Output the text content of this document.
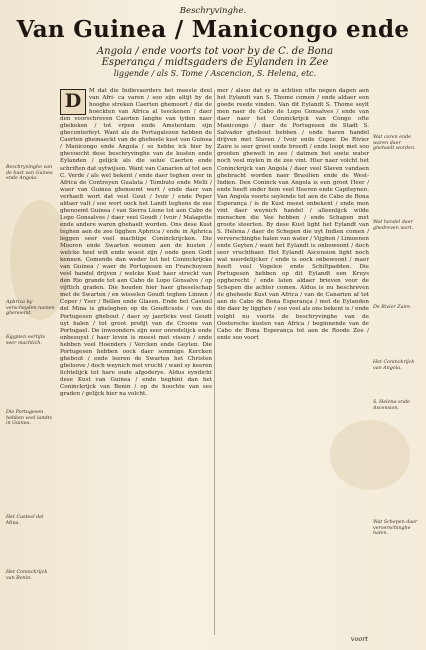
Beschryvinghe.
Van Guinea / Manicongo ende
Angola / ende voorts tot voor by de C. de Bona
Esperança / midtsgaders de Eylanden in Zee
liggende / als S. Tome / Ascencion, S. Helena, etc.
D	M dat die Indievaerders het meeste deel van Afri- ca varen / soo sijn altijt by de hooghe streken Caerten ghemoort / die de hoeckten van Africa al teeckenen / daer den voorschreven Caerten langhe van tyden naer ghekeken / tot vrpen ende Amsterdam sijn gheconterfeyt. Want als de Portugalezen hebben de Caerten ghemaeckt van de gheheele kust van Guinea / Manicongo ende Angola / so hebbe ick hier by ghevoecht dese beschryvinghe van de kusten ende Eylanden / gelijck als die selue Caerten ende schriften dat uytwijsen. Want van Canarien af tot aen C. Verde / als wel bekent / ende daer teghen over in Africa de Contreyen Gualata / Tombuto ende Melli / waer van Guinea ghenoemt wert / ende daer van verhaelt wort dat veel Gout / Ivoir / ende Peper aldaer valt / soo wort oock het Landt teghens de zee ghenoemt Guinea / van Sierra Lione tot aen Cabo de Lopo Gonsalves / daer veel Goudt / Ivoir / Malagette ende andere waren ghehaelt worden. Ons dese Kust teghen aen de zee ligghen Aphrica / ende in Aphrica leggen seer veel machtige Coninckrijcken. Die Mooren ende Swarten woonen aen de kusten / welcke heel wilt ende woest zijn / ende geen Godt kennen. Comende dan weder tot het Coninckrijcke van Guinea / waer de Portugesen en Franchoysen veel handel drijven / welcke Kust haer streckt van den Rio grande tot aen Cabo de Lopo Gonsalvo / op vijftich graden. Die houden hier haer gheselschap met de Swarten / en wisselen Goudt teghen Linnen / Coper / Yser / Bellen ende Glasen. Ende het Casteel del Mina is gheleghen op de Goudtcuste / van de Portugesen ghebout / daer sy jaerlicks veel Goudt uyt halen / tot groot profijt van de Croone van Portugael. De inwoonders zijn seer onredelijck ende onbesuyst / haer leven is meest met vissen / ende hebben veel Hoenders / Vercken ende Geyten. Die Portugesen hebben oock daer sommige Kercken ghebout / ende leeren de Swarten het Christen gheloove / doch weynich met vrucht / want sy keeren lichtelijck tot hare oude afgoderye. Aldus eyndicht dese Kust van Guinea / ende beghint dan het Coninckrijck van Benin / op de hoochte van ses graden / gelijck hier na volcht.
mer / alsoo dat sy in achtien ofte negen dagen aen het Eylandt van S. Thome comen / ende aldaer een goede reede vinden. Van dit Eylandt S. Thome seylt men naer de Cabo de Lopo Gonsalves / ende van daer naer het Coninckrijck van Congo ofte Manicongo / daer de Portugesen de Stadt S. Salvador ghebout hebben / ende haren handel drijven met Slaven / Ivoir ende Coper. De Rivier Zaire is seer groot ende breedt / ende loopt met soo grooten ghewelt in zee / datmen het soete water noch veel mylen in de zee vint. Hier naer volcht het Coninckrijck van Angola / daer veel Slaven vandaen ghebracht worden naer Brasilien ende de West-Indien. Den Coninck van Angola is een groot Heer / ende heeft onder hem veel Heeren ende Capiteynen. Van Angola voorts seylende tot aen de Cabo de Bona Esperança / is de Kust meest onbekent / ende men vint daer weynich handel / alleenlijck wilde menschen die Vee hebben / ende Schapen met groote steerten. By dese Kust light het Eylandt van S. Helena / daer de Schepen die uyt Indien comen / ververschinghe halen van water / Vijghen / Limoenen ende Geyten / want het Eylandt is onbewoont / doch seer vruchtbaer. Het Eylandt Ascension light noch wat noordelijcker / ende is oock onbewoont / maer heeft veel Vogelen ende Schiltpadden. Die Portugesen hebben op dit Eylandt een Kruys opgherecht / ende laten aldaer brieven voor de Schepen die achter comen. Aldus is nu beschreven de gheheele Kust van Africa / van de Canarien af tot aen de Cabo de Bona Esperança / met de Eylanden die daer by ligghen / soo veel als ons bekent is / ende volght nu voorts de beschryvinghe van de Oostersche kusten van Africa / beginnende van de Cabo de Bona Esperança tot aen de Roode Zee / ende soo voort
Beschryvinghe van de kust van Guinea ende Angola.
Aphrica by verscheyden namen ghenoemt.
Egypten eertijts seer machtich.
Die Portugesen hebben veel landts in Guinea.
Het Casteel del Mina.
Het Coninckrijck van Benin.
Wat coren ende waren daer ghehaelt worden.
Wat handel daer ghedreven wort.
De Rivier Zaire.
Het Coninckrijck van Angola.
S. Helena ende Ascension.
Wat Schepen daer ververschinghe halen.
voort
